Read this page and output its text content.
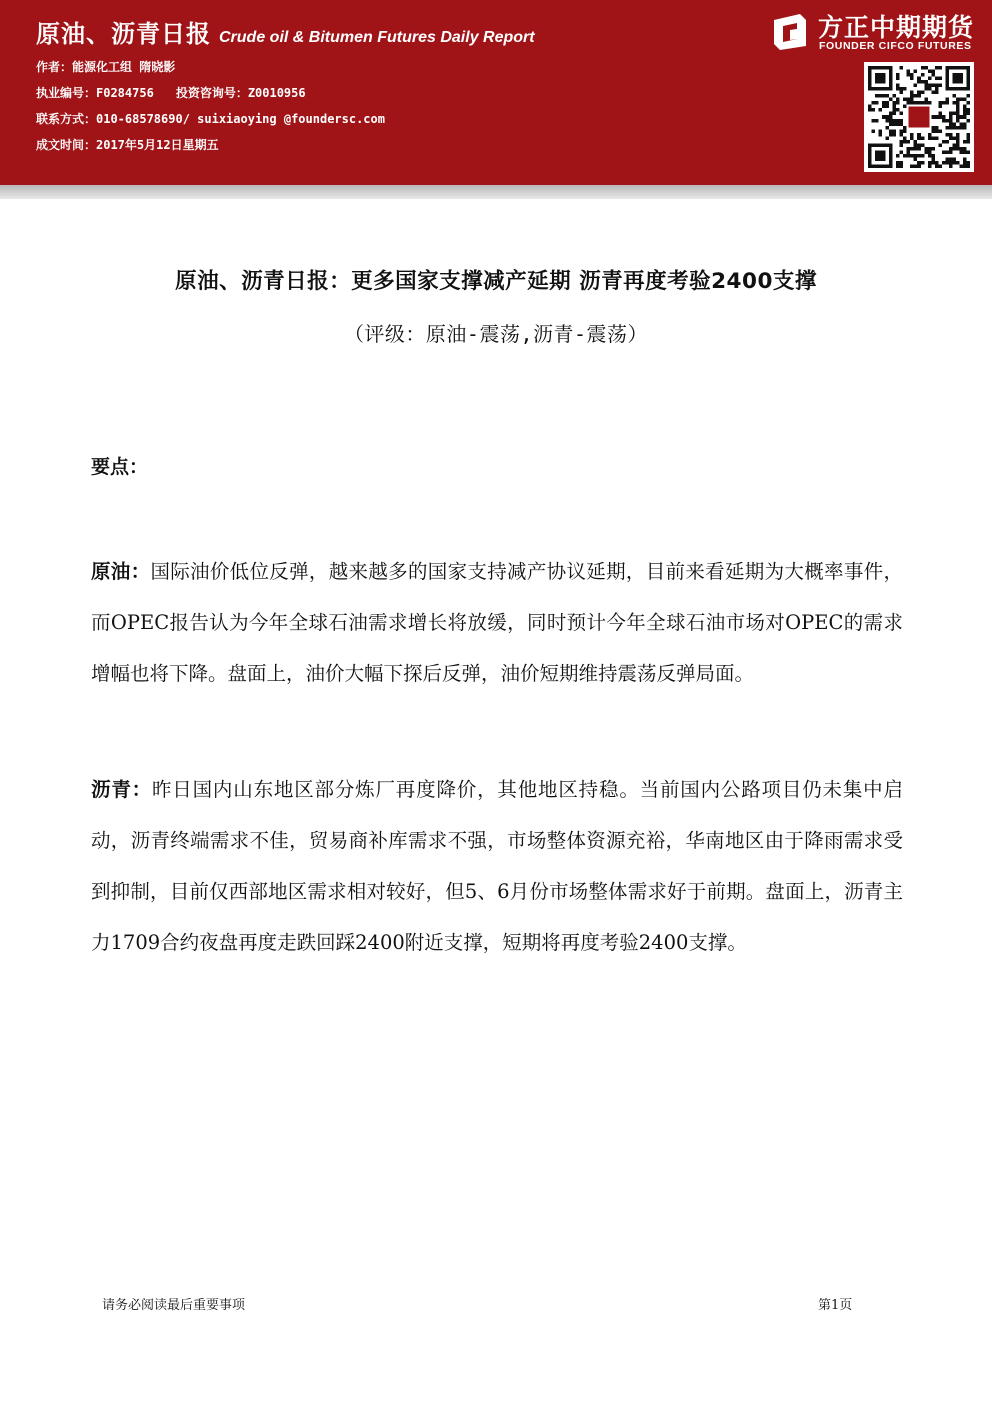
原油、沥青日报 Crude oil & Bitumen Futures Daily Report
作者：能源化工组 隋晓影
执业编号：F0284756 投资咨询号：Z0010956
联系方式：010-68578690/ suixiaoying @foundersc.com
成文时间：2017年5月12日星期五
方正中期期货
FOUNDER CIFCO FUTURES
原油、沥青日报：更多国家支撑减产延期 沥青再度考验2400支撑
（评级：原油-震荡,沥青-震荡）
要点：
原油：国际油价低位反弹，越来越多的国家支持减产协议延期，目前来看延期为大概率事件，而OPEC报告认为今年全球石油需求增长将放缓，同时预计今年全球石油市场对OPEC的需求增幅也将下降。盘面上，油价大幅下探后反弹，油价短期维持震荡反弹局面。
沥青：昨日国内山东地区部分炼厂再度降价，其他地区持稳。当前国内公路项目仍未集中启动，沥青终端需求不佳，贸易商补库需求不强，市场整体资源充裕，华南地区由于降雨需求受到抑制，目前仅西部地区需求相对较好，但5、6月份市场整体需求好于前期。盘面上，沥青主力1709合约夜盘再度走跌回踩2400附近支撑，短期将再度考验2400支撑。
请务必阅读最后重要事项	第1页
